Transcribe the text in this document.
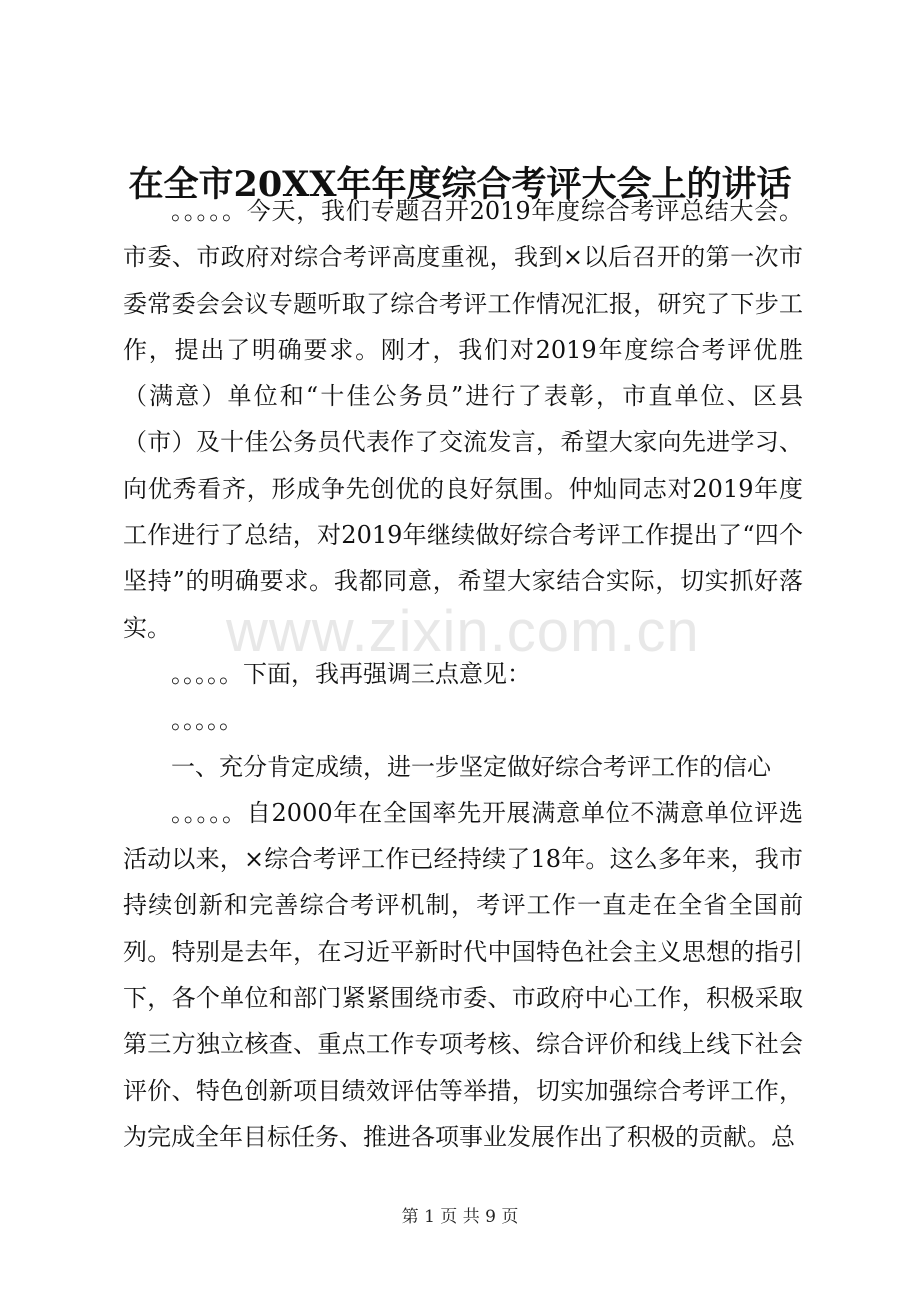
在全市20XX年年度综合考评大会上的讲话

。。。。。今天，我们专题召开2019年度综合考评总结大会。市委、市政府对综合考评高度重视，我到×以后召开的第一次市委常委会会议专题听取了综合考评工作情况汇报，研究了下步工作，提出了明确要求。刚才，我们对2019年度综合考评优胜（满意）单位和“十佳公务员”进行了表彰，市直单位、区县（市）及十佳公务员代表作了交流发言，希望大家向先进学习、向优秀看齐，形成争先创优的良好氛围。仲灿同志对2019年度工作进行了总结，对2019年继续做好综合考评工作提出了“四个坚持”的明确要求。我都同意，希望大家结合实际，切实抓好落实。

。。。。。下面，我再强调三点意见：

。。。。。

一、充分肯定成绩，进一步坚定做好综合考评工作的信心

。。。。。自2000年在全国率先开展满意单位不满意单位评选活动以来，×综合考评工作已经持续了18年。这么多年来，我市持续创新和完善综合考评机制，考评工作一直走在全省全国前列。特别是去年，在习近平新时代中国特色社会主义思想的指引下，各个单位和部门紧紧围绕市委、市政府中心工作，积极采取第三方独立核查、重点工作专项考核、综合评价和线上线下社会评价、特色创新项目绩效评估等举措，切实加强综合考评工作，为完成全年目标任务、推进各项事业发展作出了积极的贡献。总

www.zixin.com.cn
第 1 页 共 9 页
